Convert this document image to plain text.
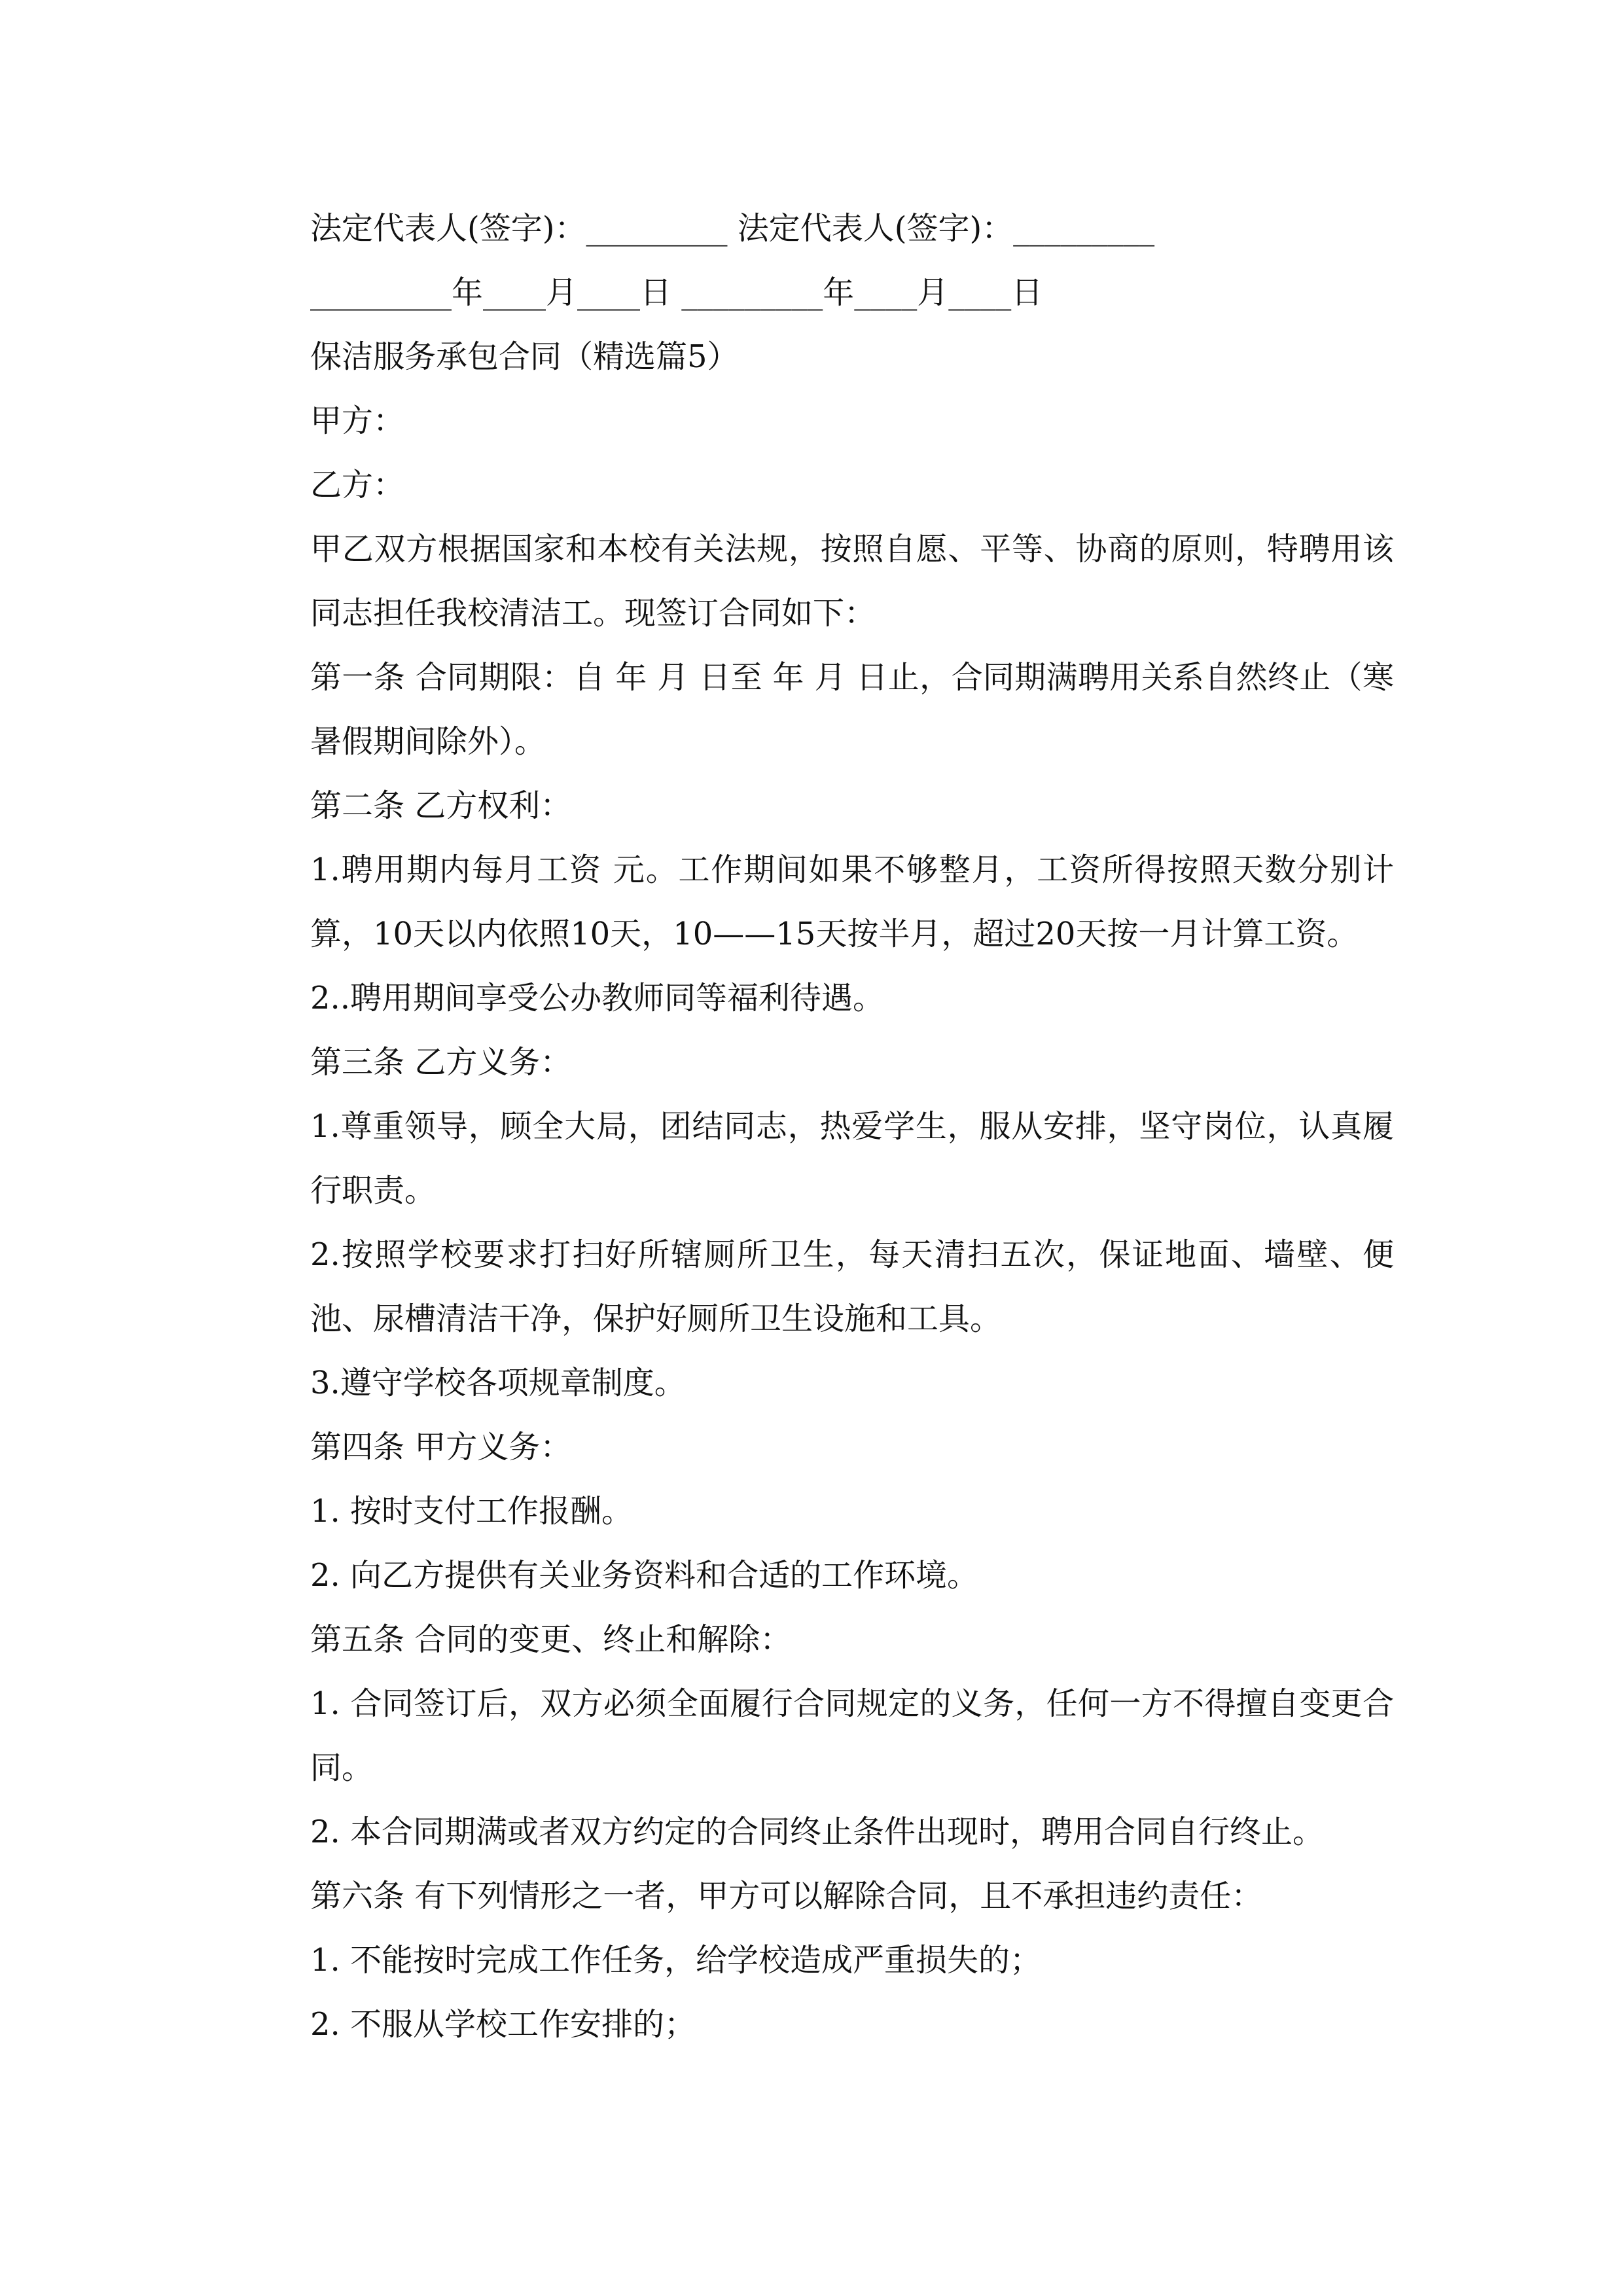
法定代表人(签字)：_________ 法定代表人(签字)：_________

_________年____月____日 _________年____月____日

保洁服务承包合同（精选篇5）

甲方：

乙方：

甲乙双方根据国家和本校有关法规，按照自愿、平等、协商的原则，特聘用该同志担任我校清洁工。现签订合同如下：

第一条 合同期限：自 年 月 日至 年 月 日止，合同期满聘用关系自然终止（寒暑假期间除外）。

第二条 乙方权利：

1.聘用期内每月工资 元。工作期间如果不够整月，工资所得按照天数分别计算，10天以内依照10天，10——15天按半月，超过20天按一月计算工资。

2..聘用期间享受公办教师同等福利待遇。

第三条 乙方义务：

1.尊重领导，顾全大局，团结同志，热爱学生，服从安排，坚守岗位，认真履行职责。

2.按照学校要求打扫好所辖厕所卫生，每天清扫五次，保证地面、墙壁、便池、尿槽清洁干净，保护好厕所卫生设施和工具。

3.遵守学校各项规章制度。

第四条 甲方义务：

1. 按时支付工作报酬。

2. 向乙方提供有关业务资料和合适的工作环境。

第五条 合同的变更、终止和解除：

1. 合同签订后，双方必须全面履行合同规定的义务，任何一方不得擅自变更合同。

2. 本合同期满或者双方约定的合同终止条件出现时，聘用合同自行终止。

第六条 有下列情形之一者，甲方可以解除合同，且不承担违约责任：

1. 不能按时完成工作任务，给学校造成严重损失的；

2. 不服从学校工作安排的；
